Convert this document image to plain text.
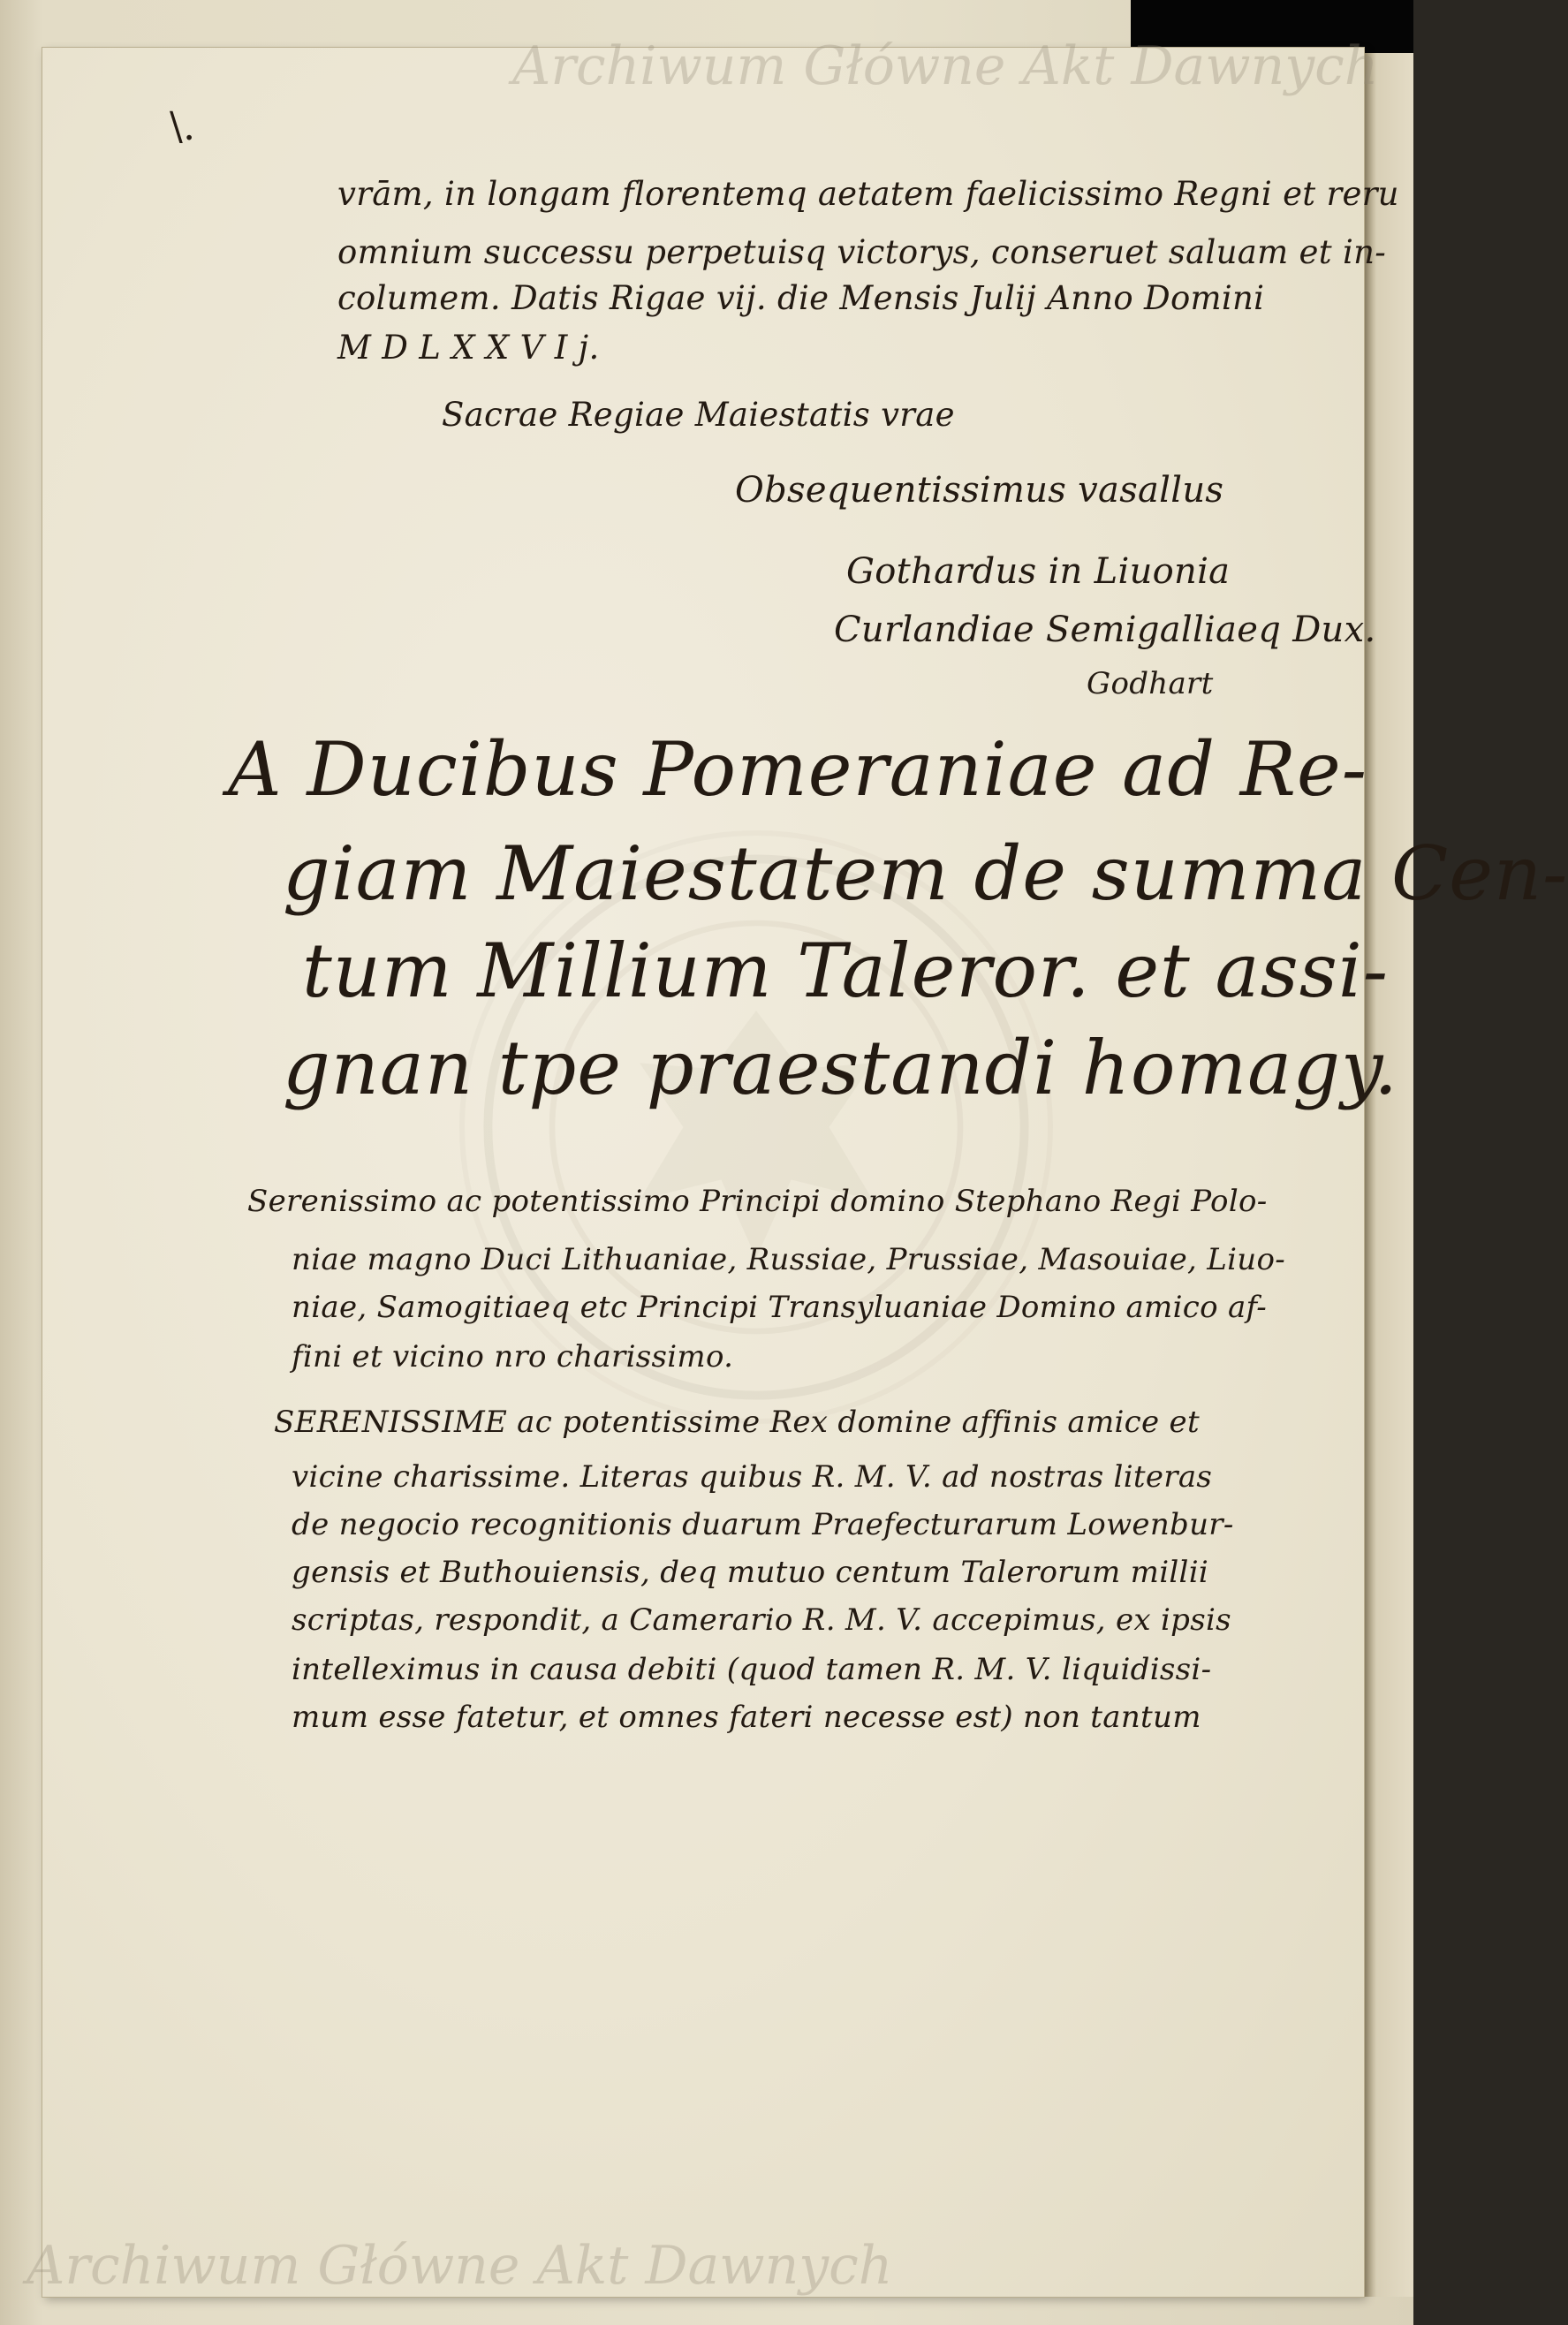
Archiwum Główne Akt Dawnych
Archiwum Główne Akt Dawnych
\.
vrām, in longam florentemq aetatem faelicissimo Regni et reru
omnium successu perpetuisq victorys, conseruet saluam et in-
columem. Datis Rigae vij. die Mensis Julij Anno Domini
M D L X X V I j.
Sacrae Regiae Maiestatis vrae
Obsequentissimus vasallus
Gothardus in Liuonia
Curlandiae Semigalliaeq Dux.
Godhart
A Ducibus Pomeraniae ad Re-
giam Maiestatem de summa Cen-
tum Millium Taleror. et assi-
gnan tpe praestandi homagy.
Serenissimo ac potentissimo Principi domino Stephano Regi Polo-
niae magno Duci Lithuaniae, Russiae, Prussiae, Masouiae, Liuo-
niae, Samogitiaeq etc Principi Transyluaniae Domino amico af-
fini et vicino nro charissimo.
SERENISSIME ac potentissime Rex domine affinis amice et
vicine charissime. Literas quibus R. M. V. ad nostras literas
de negocio recognitionis duarum Praefecturarum Lowenbur-
gensis et Buthouiensis, deq mutuo centum Talerorum millii
scriptas, respondit, a Camerario R. M. V. accepimus, ex ipsis
intelleximus in causa debiti (quod tamen R. M. V. liquidissi-
mum esse fatetur, et omnes fateri necesse est) non tantum
